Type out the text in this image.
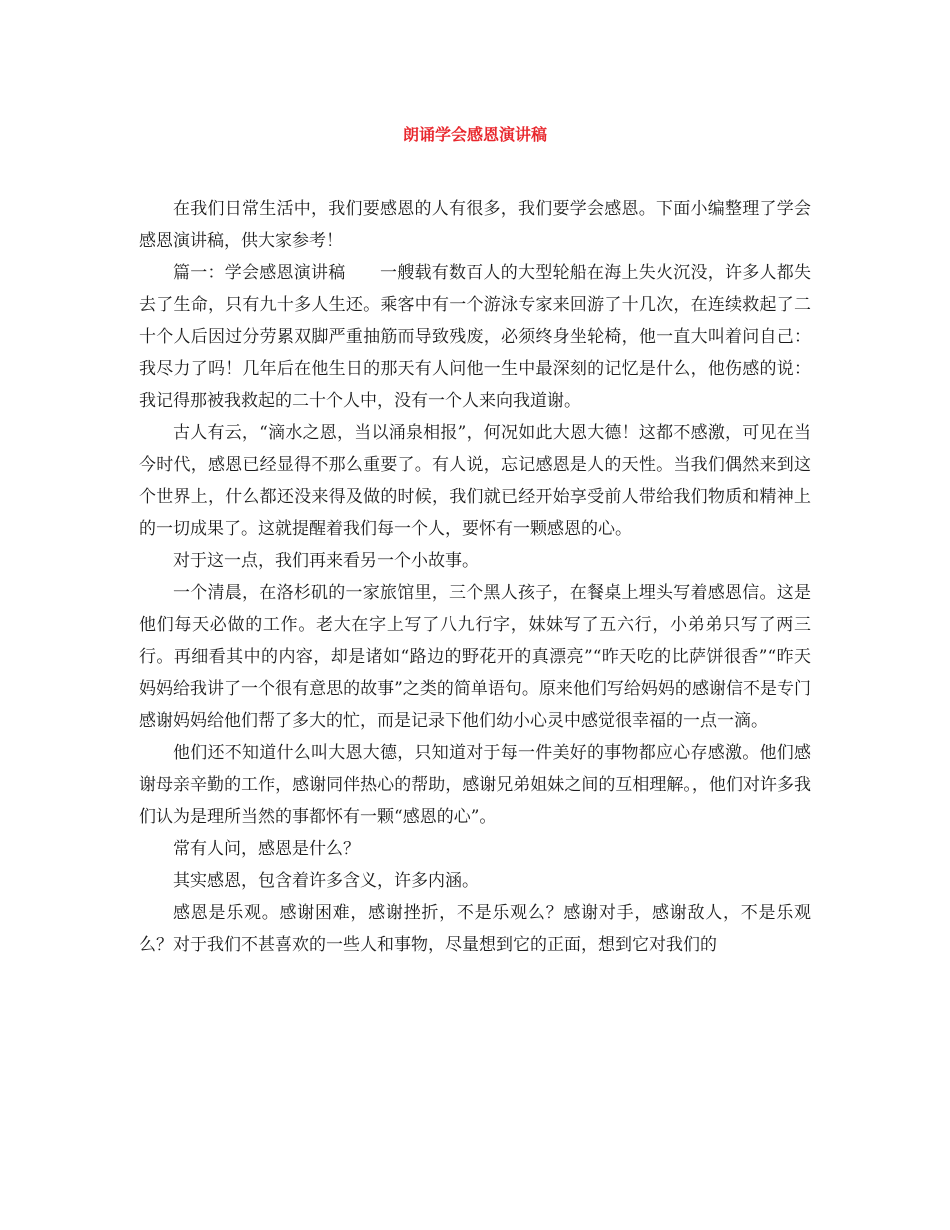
朗诵学会感恩演讲稿

在我们日常生活中，我们要感恩的人有很多，我们要学会感恩。下面小编整理了学会感恩演讲稿，供大家参考！

篇一：学会感恩演讲稿　　一艘载有数百人的大型轮船在海上失火沉没，许多人都失去了生命，只有九十多人生还。乘客中有一个游泳专家来回游了十几次，在连续救起了二十个人后因过分劳累双脚严重抽筋而导致残废，必须终身坐轮椅，他一直大叫着问自己：我尽力了吗！几年后在他生日的那天有人问他一生中最深刻的记忆是什么，他伤感的说：我记得那被我救起的二十个人中，没有一个人来向我道谢。

古人有云，“滴水之恩，当以涌泉相报”，何况如此大恩大德！这都不感激，可见在当今时代，感恩已经显得不那么重要了。有人说，忘记感恩是人的天性。当我们偶然来到这个世界上，什么都还没来得及做的时候，我们就已经开始享受前人带给我们物质和精神上的一切成果了。这就提醒着我们每一个人，要怀有一颗感恩的心。

对于这一点，我们再来看另一个小故事。

一个清晨，在洛杉矶的一家旅馆里，三个黑人孩子，在餐桌上埋头写着感恩信。这是他们每天必做的工作。老大在字上写了八九行字，妹妹写了五六行，小弟弟只写了两三行。再细看其中的内容，却是诸如“路边的野花开的真漂亮”“昨天吃的比萨饼很香”“昨天妈妈给我讲了一个很有意思的故事”之类的简单语句。原来他们写给妈妈的感谢信不是专门感谢妈妈给他们帮了多大的忙，而是记录下他们幼小心灵中感觉很幸福的一点一滴。

他们还不知道什么叫大恩大德，只知道对于每一件美好的事物都应心存感激。他们感谢母亲辛勤的工作，感谢同伴热心的帮助，感谢兄弟姐妹之间的互相理解。，他们对许多我们认为是理所当然的事都怀有一颗“感恩的心”。

常有人问，感恩是什么？

其实感恩，包含着许多含义，许多内涵。

感恩是乐观。感谢困难，感谢挫折，不是乐观么？感谢对手，感谢敌人，不是乐观么？对于我们不甚喜欢的一些人和事物，尽量想到它的正面，想到它对我们的
